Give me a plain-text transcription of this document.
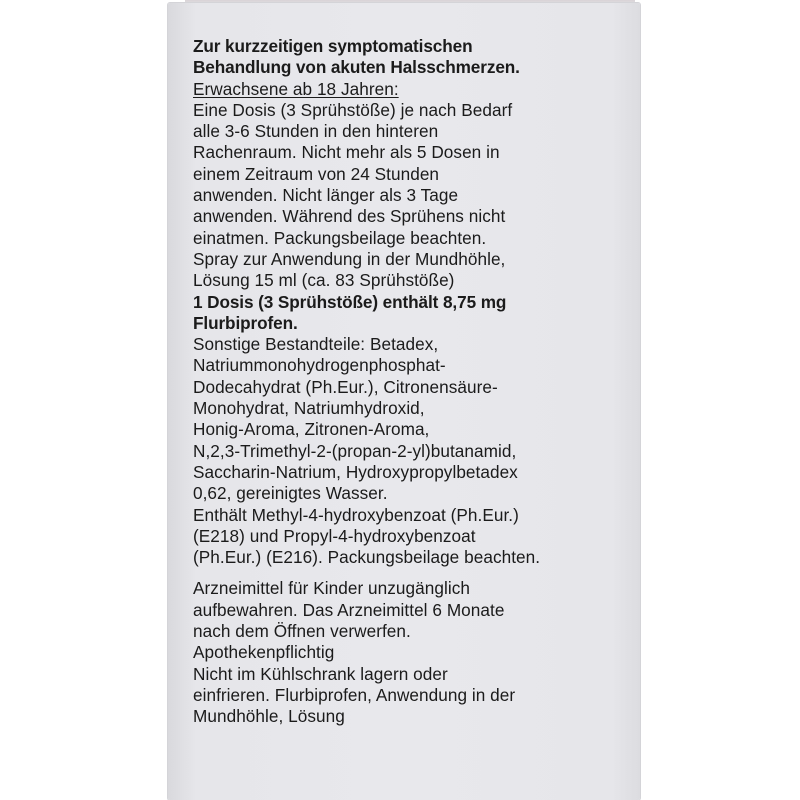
Zur kurzzeitigen symptomatischen
Behandlung von akuten Halsschmerzen.
Erwachsene ab 18 Jahren:
Eine Dosis (3 Sprühstöße) je nach Bedarf
alle 3-6 Stunden in den hinteren
Rachenraum. Nicht mehr als 5 Dosen in
einem Zeitraum von 24 Stunden
anwenden. Nicht länger als 3 Tage
anwenden. Während des Sprühens nicht
einatmen. Packungsbeilage beachten.
Spray zur Anwendung in der Mundhöhle,
Lösung 15 ml (ca. 83 Sprühstöße)
1 Dosis (3 Sprühstöße) enthält 8,75 mg
Flurbiprofen.
Sonstige Bestandteile: Betadex,
Natriummonohydrogenphosphat-
Dodecahydrat (Ph.Eur.), Citronensäure-
Monohydrat, Natriumhydroxid,
Honig-Aroma, Zitronen-Aroma,
N,2,3-Trimethyl-2-(propan-2-yl)butanamid,
Saccharin-Natrium, Hydroxypropylbetadex
0,62, gereinigtes Wasser.
Enthält Methyl-4-hydroxybenzoat (Ph.Eur.)
(E218) und Propyl-4-hydroxybenzoat
(Ph.Eur.) (E216). Packungsbeilage beachten.
Arzneimittel für Kinder unzugänglich
aufbewahren. Das Arzneimittel 6 Monate
nach dem Öffnen verwerfen.
Apothekenpflichtig
Nicht im Kühlschrank lagern oder
einfrieren. Flurbiprofen, Anwendung in der
Mundhöhle, Lösung
